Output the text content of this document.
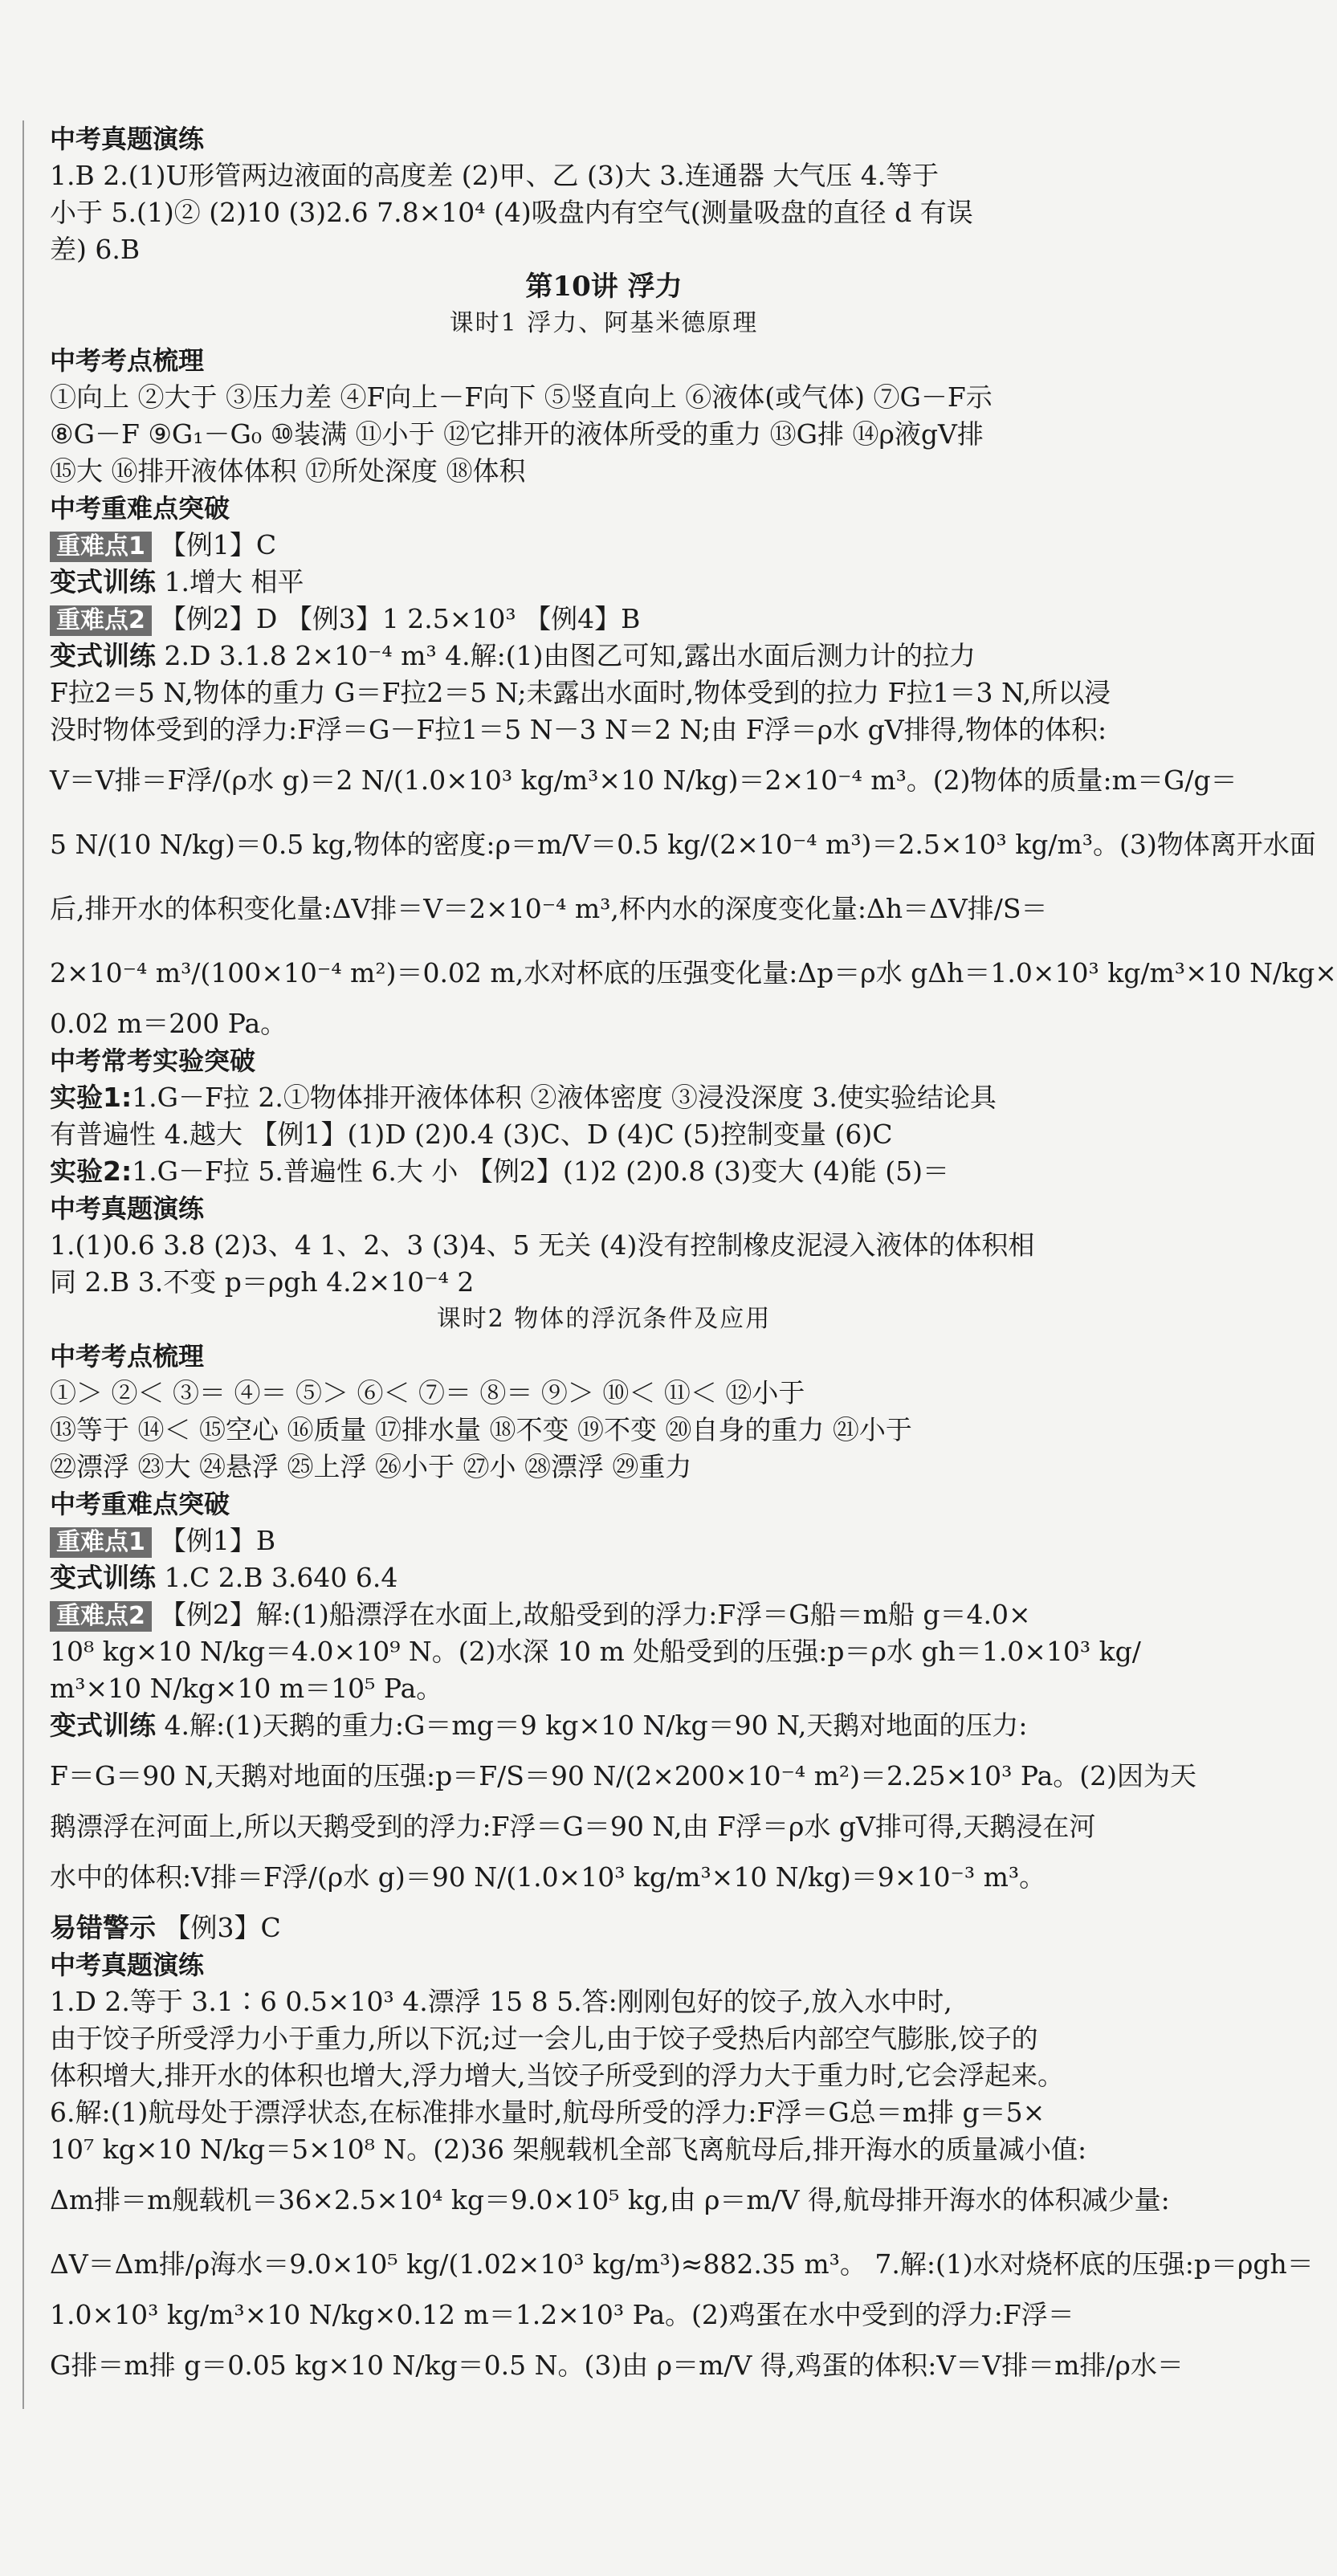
中考真题演练
1.B 2.(1)U形管两边液面的高度差 (2)甲、乙 (3)大 3.连通器 大气压 4.等于
小于 5.(1)② (2)10 (3)2.6 7.8×10⁴ (4)吸盘内有空气(测量吸盘的直径 d 有误
差) 6.B
第10讲 浮力
课时1 浮力、阿基米德原理
中考考点梳理
①向上 ②大于 ③压力差 ④F向上－F向下 ⑤竖直向上 ⑥液体(或气体) ⑦G－F示
⑧G－F ⑨G₁－G₀ ⑩装满 ⑪小于 ⑫它排开的液体所受的重力 ⑬G排 ⑭ρ液gV排
⑮大 ⑯排开液体体积 ⑰所处深度 ⑱体积
中考重难点突破
重难点1 【例1】C
变式训练 1.增大 相平
重难点2 【例2】D 【例3】1 2.5×10³ 【例4】B
变式训练 2.D 3.1.8 2×10⁻⁴ m³ 4.解:(1)由图乙可知,露出水面后测力计的拉力
F拉2＝5 N,物体的重力 G＝F拉2＝5 N;未露出水面时,物体受到的拉力 F拉1＝3 N,所以浸
没时物体受到的浮力:F浮＝G－F拉1＝5 N－3 N＝2 N;由 F浮＝ρ水 gV排得,物体的体积:
V＝V排＝F浮/(ρ水 g)＝2 N/(1.0×10³ kg/m³×10 N/kg)＝2×10⁻⁴ m³。(2)物体的质量:m＝G/g＝
5 N/(10 N/kg)＝0.5 kg,物体的密度:ρ＝m/V＝0.5 kg/(2×10⁻⁴ m³)＝2.5×10³ kg/m³。(3)物体离开水面
后,排开水的体积变化量:ΔV排＝V＝2×10⁻⁴ m³,杯内水的深度变化量:Δh＝ΔV排/S＝
2×10⁻⁴ m³/(100×10⁻⁴ m²)＝0.02 m,水对杯底的压强变化量:Δp＝ρ水 gΔh＝1.0×10³ kg/m³×10 N/kg×
0.02 m＝200 Pa。
中考常考实验突破
实验1:1.G－F拉 2.①物体排开液体体积 ②液体密度 ③浸没深度 3.使实验结论具
有普遍性 4.越大 【例1】(1)D (2)0.4 (3)C、D (4)C (5)控制变量 (6)C
实验2:1.G－F拉 5.普遍性 6.大 小 【例2】(1)2 (2)0.8 (3)变大 (4)能 (5)＝
中考真题演练
1.(1)0.6 3.8 (2)3、4 1、2、3 (3)4、5 无关 (4)没有控制橡皮泥浸入液体的体积相
同 2.B 3.不变 p＝ρgh 4.2×10⁻⁴ 2
课时2 物体的浮沉条件及应用
中考考点梳理
①＞ ②＜ ③＝ ④＝ ⑤＞ ⑥＜ ⑦＝ ⑧＝ ⑨＞ ⑩＜ ⑪＜ ⑫小于
⑬等于 ⑭＜ ⑮空心 ⑯质量 ⑰排水量 ⑱不变 ⑲不变 ⑳自身的重力 ㉑小于
㉒漂浮 ㉓大 ㉔悬浮 ㉕上浮 ㉖小于 ㉗小 ㉘漂浮 ㉙重力
中考重难点突破
重难点1 【例1】B
变式训练 1.C 2.B 3.640 6.4
重难点2 【例2】解:(1)船漂浮在水面上,故船受到的浮力:F浮＝G船＝m船 g＝4.0×
10⁸ kg×10 N/kg＝4.0×10⁹ N。(2)水深 10 m 处船受到的压强:p＝ρ水 gh＝1.0×10³ kg/
m³×10 N/kg×10 m＝10⁵ Pa。
变式训练 4.解:(1)天鹅的重力:G＝mg＝9 kg×10 N/kg＝90 N,天鹅对地面的压力:
F＝G＝90 N,天鹅对地面的压强:p＝F/S＝90 N/(2×200×10⁻⁴ m²)＝2.25×10³ Pa。(2)因为天
鹅漂浮在河面上,所以天鹅受到的浮力:F浮＝G＝90 N,由 F浮＝ρ水 gV排可得,天鹅浸在河
水中的体积:V排＝F浮/(ρ水 g)＝90 N/(1.0×10³ kg/m³×10 N/kg)＝9×10⁻³ m³。
易错警示 【例3】C
中考真题演练
1.D 2.等于 3.1∶6 0.5×10³ 4.漂浮 15 8 5.答:刚刚包好的饺子,放入水中时,
由于饺子所受浮力小于重力,所以下沉;过一会儿,由于饺子受热后内部空气膨胀,饺子的
体积增大,排开水的体积也增大,浮力增大,当饺子所受到的浮力大于重力时,它会浮起来。
6.解:(1)航母处于漂浮状态,在标准排水量时,航母所受的浮力:F浮＝G总＝m排 g＝5×
10⁷ kg×10 N/kg＝5×10⁸ N。(2)36 架舰载机全部飞离航母后,排开海水的质量减小值:
Δm排＝m舰载机＝36×2.5×10⁴ kg＝9.0×10⁵ kg,由 ρ＝m/V 得,航母排开海水的体积减少量:
ΔV＝Δm排/ρ海水＝9.0×10⁵ kg/(1.02×10³ kg/m³)≈882.35 m³。 7.解:(1)水对烧杯底的压强:p＝ρgh＝
1.0×10³ kg/m³×10 N/kg×0.12 m＝1.2×10³ Pa。(2)鸡蛋在水中受到的浮力:F浮＝
G排＝m排 g＝0.05 kg×10 N/kg＝0.5 N。(3)由 ρ＝m/V 得,鸡蛋的体积:V＝V排＝m排/ρ水＝
